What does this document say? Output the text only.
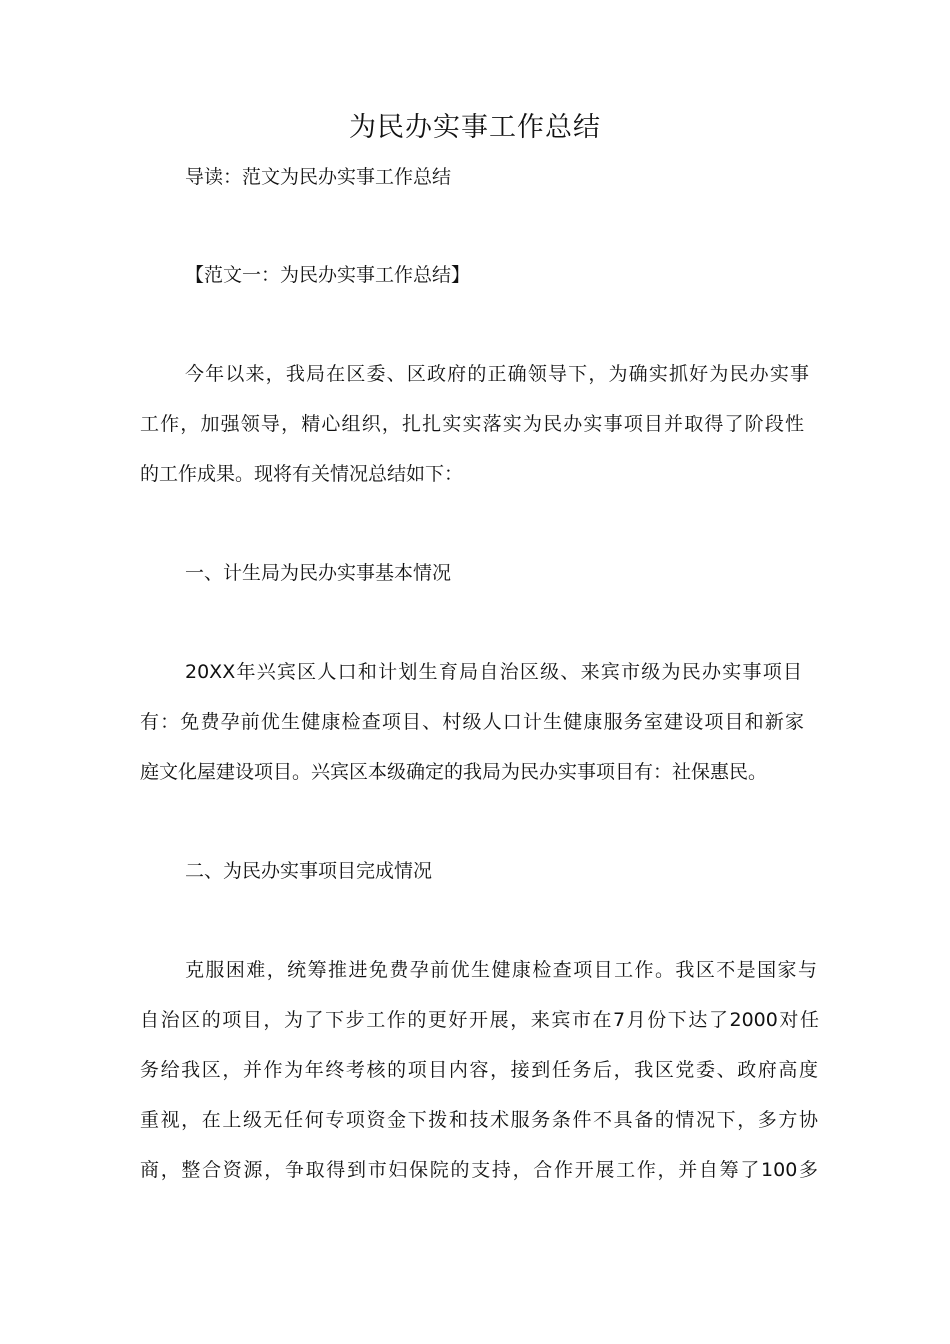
为民办实事工作总结
导读：范文为民办实事工作总结
【范文一：为民办实事工作总结】
今年以来，我局在区委、区政府的正确领导下，为确实抓好为民办实事
工作，加强领导，精心组织，扎扎实实落实为民办实事项目并取得了阶段性
的工作成果。现将有关情况总结如下：
一、计生局为民办实事基本情况
20XX年兴宾区人口和计划生育局自治区级、来宾市级为民办实事项目
有：免费孕前优生健康检查项目、村级人口计生健康服务室建设项目和新家
庭文化屋建设项目。兴宾区本级确定的我局为民办实事项目有：社保惠民。
二、为民办实事项目完成情况
克服困难，统筹推进免费孕前优生健康检查项目工作。我区不是国家与
自治区的项目，为了下步工作的更好开展，来宾市在7月份下达了2000对任
务给我区，并作为年终考核的项目内容，接到任务后，我区党委、政府高度
重视，在上级无任何专项资金下拨和技术服务条件不具备的情况下，多方协
商，整合资源，争取得到市妇保院的支持，合作开展工作，并自筹了100多
